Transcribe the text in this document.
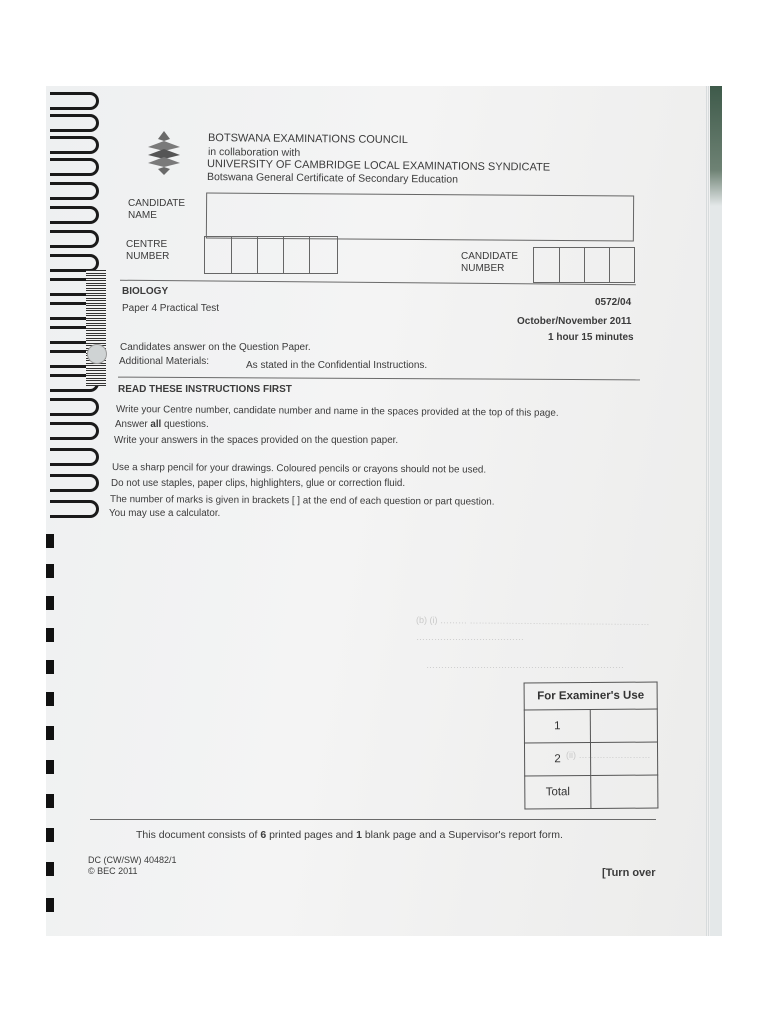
BOTSWANA EXAMINATIONS COUNCIL
in collaboration with
UNIVERSITY OF CAMBRIDGE LOCAL EXAMINATIONS SYNDICATE
Botswana General Certificate of Secondary Education
CANDIDATE
NAME
CENTRE
NUMBER	CANDIDATE
NUMBER
BIOLOGY
Paper 4 Practical Test
0572/04
October/November 2011
1 hour 15 minutes
Candidates answer on the Question Paper.
Additional Materials:	As stated in the Confidential Instructions.
READ THESE INSTRUCTIONS FIRST
Write your Centre number, candidate number and name in the spaces provided at the top of this page.
Answer all questions.
Write your answers in the spaces provided on the question paper.
Use a sharp pencil for your drawings. Coloured pencils or crayons should not be used.
Do not use staples, paper clips, highlighters, glue or correction fluid.
The number of marks is given in brackets [ ] at the end of each question or part question.
You may use a calculator.
(b) (i) ……… ……………………………………………………
………………………………
…………………………………………………………
(ii) ……………………
For Examiner's Use	
1	
2	
Total	
This document consists of 6 printed pages and 1 blank page and a Supervisor's report form.
DC (CW/SW) 40482/1
© BEC 2011	[Turn over
